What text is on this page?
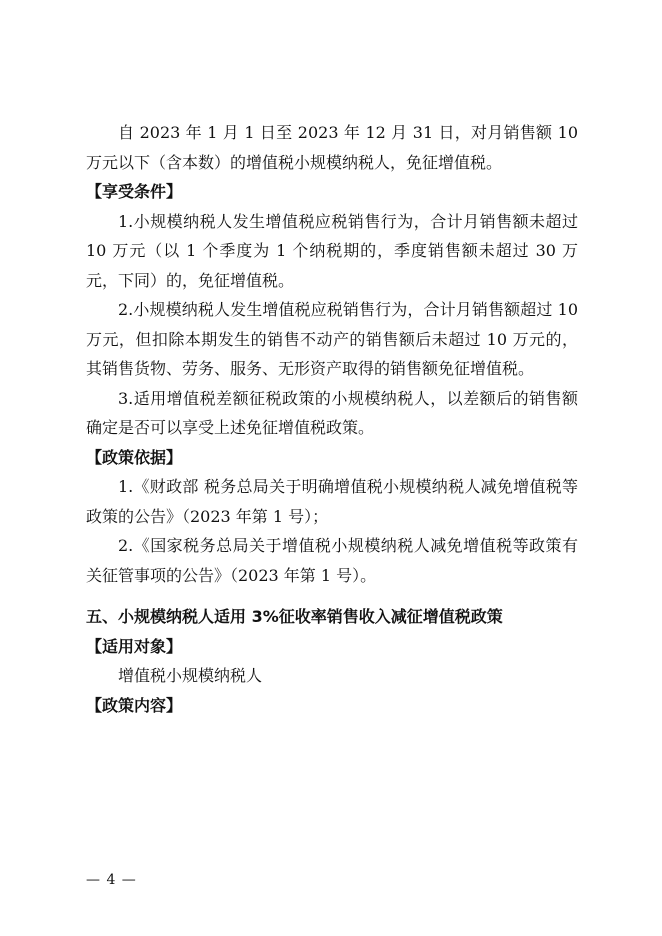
自 2023 年 1 月 1 日至 2023 年 12 月 31 日，对月销售额 10 万元以下（含本数）的增值税小规模纳税人，免征增值税。

【享受条件】

1.小规模纳税人发生增值税应税销售行为，合计月销售额未超过 10 万元（以 1 个季度为 1 个纳税期的，季度销售额未超过 30 万元，下同）的，免征增值税。

2.小规模纳税人发生增值税应税销售行为，合计月销售额超过 10 万元，但扣除本期发生的销售不动产的销售额后未超过 10 万元的，其销售货物、劳务、服务、无形资产取得的销售额免征增值税。

3.适用增值税差额征税政策的小规模纳税人，以差额后的销售额确定是否可以享受上述免征增值税政策。

【政策依据】

1.《财政部 税务总局关于明确增值税小规模纳税人减免增值税等政策的公告》（2023 年第 1 号）；

2.《国家税务总局关于增值税小规模纳税人减免增值税等政策有关征管事项的公告》（2023 年第 1 号）。

五、小规模纳税人适用 3%征收率销售收入减征增值税政策

【适用对象】

增值税小规模纳税人

【政策内容】

— 4 —
